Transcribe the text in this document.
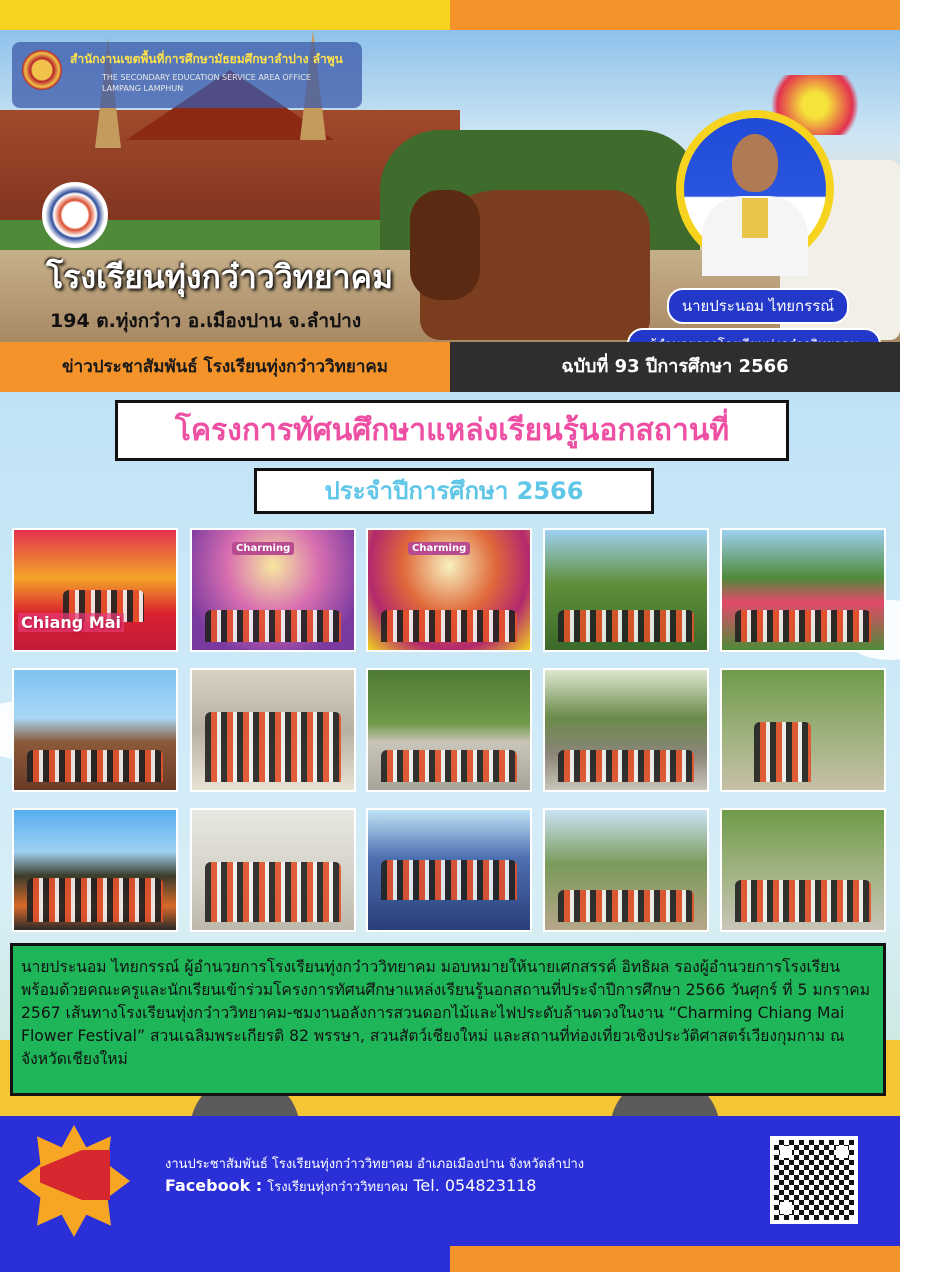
สำนักงานเขตพื้นที่การศึกษามัธยมศึกษาลำปาง ลำพูน
THE SECONDARY EDUCATION SERVICE AREA OFFICE
LAMPANG LAMPHUN
โรงเรียนทุ่งกว๋าววิทยาคม
194 ต.ทุ่งกว๋าว อ.เมืองปาน จ.ลำปาง
นายประนอม ไทยกรรณ์
ข่าวประชาสัมพันธ์ โรงเรียนทุ่งกว๋าววิทยาคม	ฉบับที่ 93 ปีการศึกษา 2566
โครงการทัศนศึกษาแหล่งเรียนรู้นอกสถานที่
ประจำปีการศึกษา 2566
Chiang Mai
Charming	Charming
นายประนอม ไทยกรรณ์ ผู้อำนวยการโรงเรียนทุ่งกว๋าววิทยาคม มอบหมายให้นายเศกสรรค์ อิทธิผล รองผู้อำนวยการโรงเรียน พร้อมด้วยคณะครูและนักเรียนเข้าร่วมโครงการทัศนศึกษาแหล่งเรียนรู้นอกสถานที่ประจำปีการศึกษา 2566 วันศุกร์ ที่ 5 มกราคม 2567 เส้นทางโรงเรียนทุ่งกว๋าววิทยาคม-ชมงานอลังการสวนดอกไม้และไฟประดับล้านดวงในงาน “Charming Chiang Mai Flower Festival” สวนเฉลิมพระเกียรติ 82 พรรษา, สวนสัตว์เชียงใหม่ และสถานที่ท่องเที่ยวเชิงประวัติศาสตร์เวียงกุมกาม ณ จังหวัดเชียงใหม่
งานประชาสัมพันธ์ โรงเรียนทุ่งกว๋าววิทยาคม อำเภอเมืองปาน จังหวัดลำปาง
Facebook : โรงเรียนทุ่งกว๋าววิทยาคม Tel. 054823118
